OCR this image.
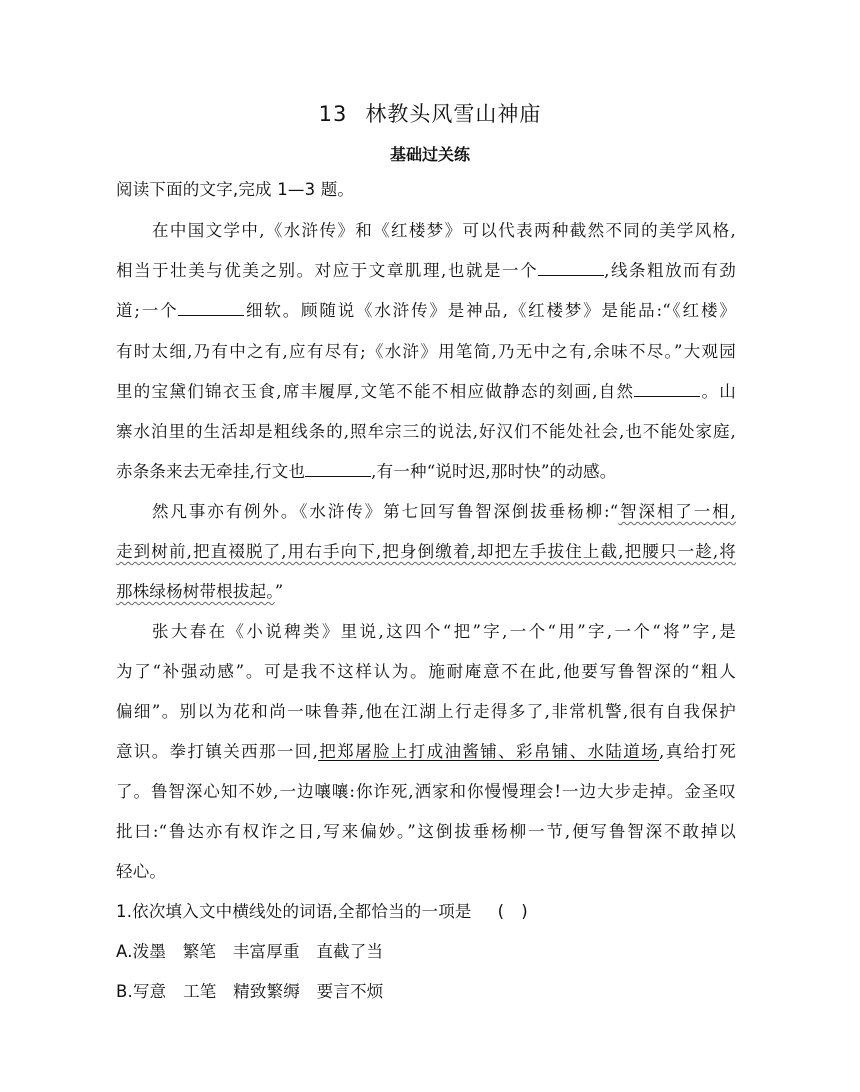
13 林教头风雪山神庙
基础过关练
阅读下面的文字,完成 1—3 题。
在中国文学中,《水浒传》和《红楼梦》可以代表两种截然不同的美学风格,
相当于壮美与优美之别。对应于文章肌理,也就是一个	,线条粗放而有劲
道;一个	细软。顾随说《水浒传》是神品,《红楼梦》是能品:“《红楼》
有时太细,乃有中之有,应有尽有;《水浒》用笔简,乃无中之有,余味不尽。”大观园
里的宝黛们锦衣玉食,席丰履厚,文笔不能不相应做静态的刻画,自然	。山
寨水泊里的生活却是粗线条的,照牟宗三的说法,好汉们不能处社会,也不能处家庭,
赤条条来去无牵挂,行文也	,有一种“说时迟,那时快”的动感。
然凡事亦有例外。《水浒传》第七回写鲁智深倒拔垂杨柳:“智深相了一相,
走到树前,把直裰脱了,用右手向下,把身倒缴着,却把左手拔住上截,把腰只一趁,将
那株绿杨树带根拔起。”
张大春在《小说稗类》里说,这四个“把”字,一个“用”字,一个“将”字,是
为了“补强动感”。可是我不这样认为。施耐庵意不在此,他要写鲁智深的“粗人
偏细”。别以为花和尚一味鲁莽,他在江湖上行走得多了,非常机警,很有自我保护
意识。拳打镇关西那一回,把郑屠脸上打成油酱铺、彩帛铺、水陆道场,真给打死
了。鲁智深心知不妙,一边嚷嚷:你诈死,洒家和你慢慢理会!一边大步走掉。金圣叹
批曰:“鲁达亦有权诈之日,写来偏妙。”这倒拔垂杨柳一节,便写鲁智深不敢掉以
轻心。
1.依次填入文中横线处的词语,全都恰当的一项是 ( )
A.泼墨　繁笔　丰富厚重　直截了当
B.写意　工笔　精致繁缛　要言不烦
